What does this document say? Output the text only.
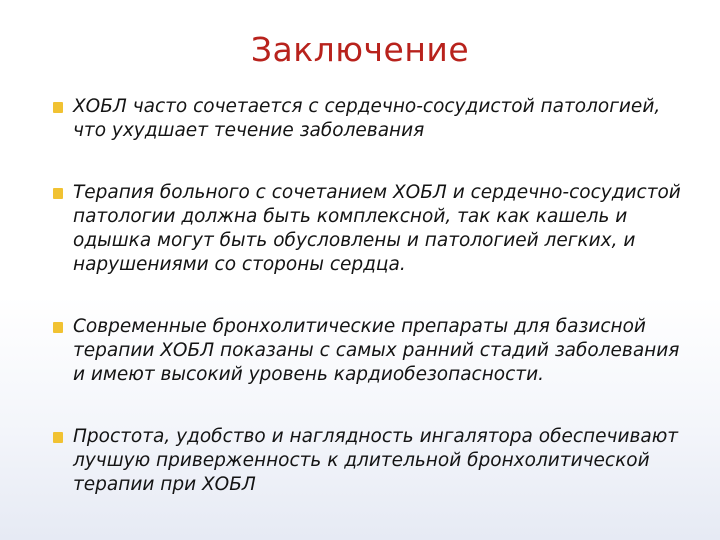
Заключение
ХОБЛ часто сочетается с сердечно-сосудистой патологией, что ухудшает течение заболевания
Терапия больного с сочетанием ХОБЛ и сердечно-сосудистой патологии должна быть комплексной, так как кашель и одышка могут быть обусловлены и патологией легких, и нарушениями со стороны сердца.
Современные бронхолитические препараты для базисной терапии ХОБЛ показаны с самых ранний стадий заболевания и имеют высокий уровень кардиобезопасности.
Простота, удобство и наглядность ингалятора обеспечивают лучшую приверженность к длительной бронхолитической терапии при ХОБЛ
